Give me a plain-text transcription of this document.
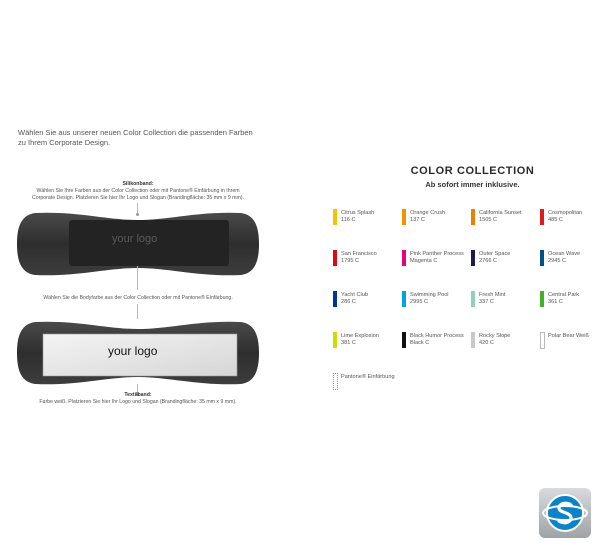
Wählen Sie aus unserer neuen Color Collection die passenden Farben
zu Ihrem Corporate Design.
Silikonband:
Wählen Sie Ihre Farben aus der Color Collection oder mit Pantone® Einfärbung in Ihrem
Corporate Design. Platzieren Sie hier Ihr Logo und Slogan (Brandingfläche: 35 mm x 9 mm).
your logo
Wählen Sie die Bodyfarbe aus der Color Collection oder mit Pantone® Einfärbung.
your logo
Textilband:
Farbe weiß. Platzieren Sie hier Ihr Logo und Slogan (Brandingfläche: 35 mm x 9 mm).
COLOR COLLECTION
Ab sofort immer inklusive.
Citrus Splash
116 C
Orange Crush
137 C
California Sunset
1505 C
Cosmopolitan
485 C
San Francisco
1795 C
Pink Panther Process Magenta C
Outer Space
2766 C
Ocean Wave
2945 C
Yacht Club
286 C
Swimming Pool
2995 C
Fresh Mint
337 C
Central Park
361 C
Lime Explosion
381 C
Black Humor Process Black C
Rocky Slope
420 C
Polar Bear Weiß
Pantone® Einfärbung
